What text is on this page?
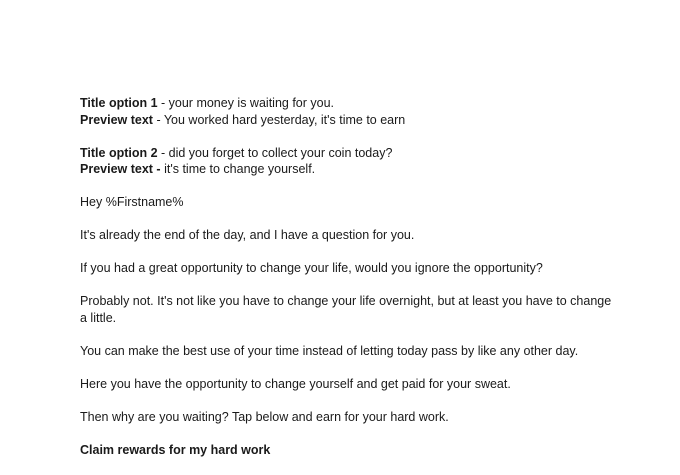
Title option 1 - your money is waiting for you.
Preview text - You worked hard yesterday, it's time to earn
Title option 2 - did you forget to collect your coin today?
Preview text - it's time to change yourself.

Hey %Firstname%

It's already the end of the day, and I have a question for you.

If you had a great opportunity to change your life, would you ignore the opportunity?

Probably not. It's not like you have to change your life overnight, but at least you have to change a little.

You can make the best use of your time instead of letting today pass by like any other day.

Here you have the opportunity to change yourself and get paid for your sweat.

Then why are you waiting? Tap below and earn for your hard work.

Claim rewards for my hard work
